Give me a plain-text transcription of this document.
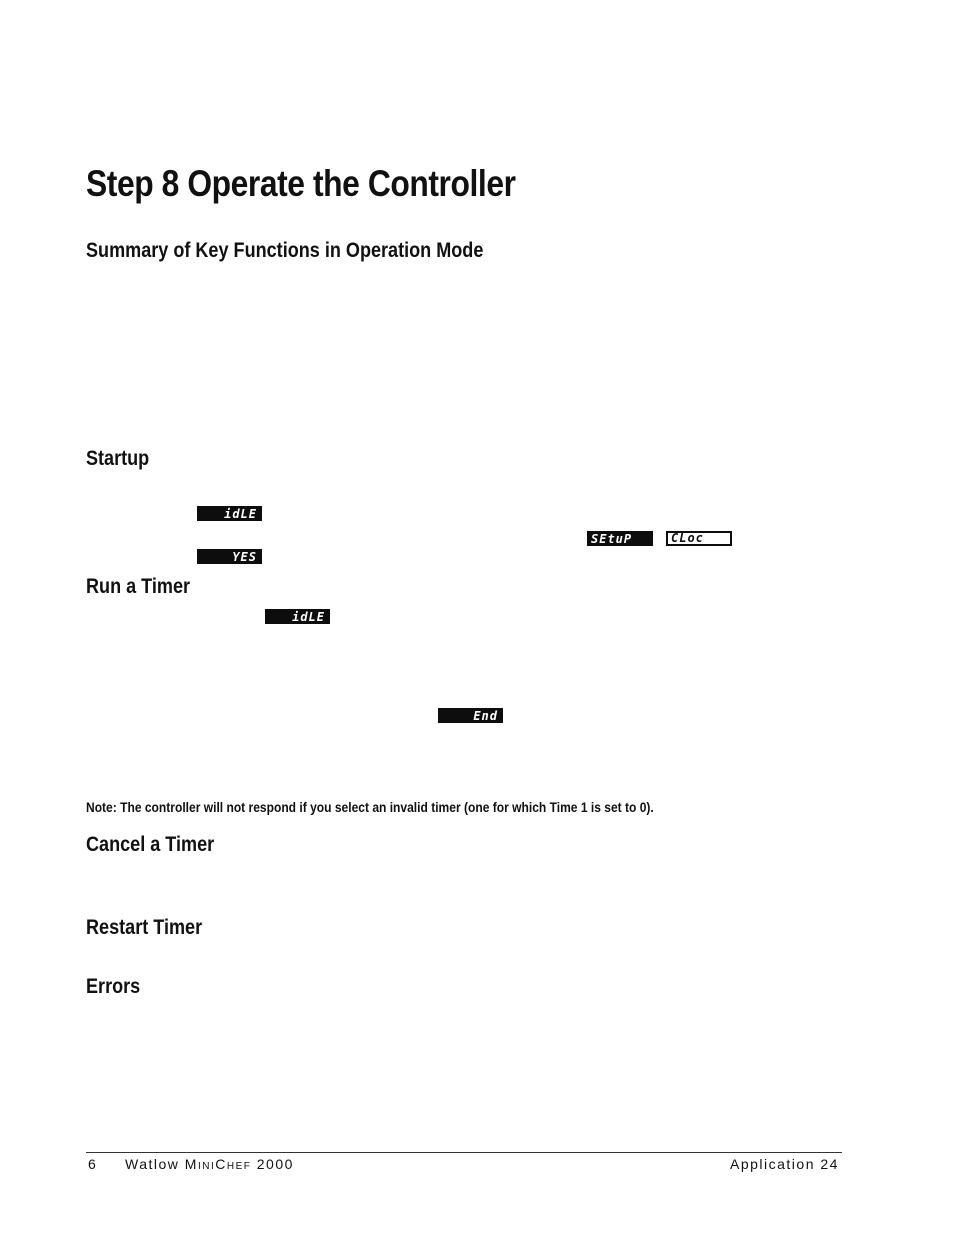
Step 8 Operate the Controller
Summary of Key Functions in Operation Mode
Startup
idLE
YES
SEtuP	CLoc
Run a Timer
idLE
End

Note: The controller will not respond if you select an invalid timer (one for which Time 1 is set to 0).

Cancel a Timer
Restart Timer
Errors
6 Watlow MINICHEF 2000	Application 24
